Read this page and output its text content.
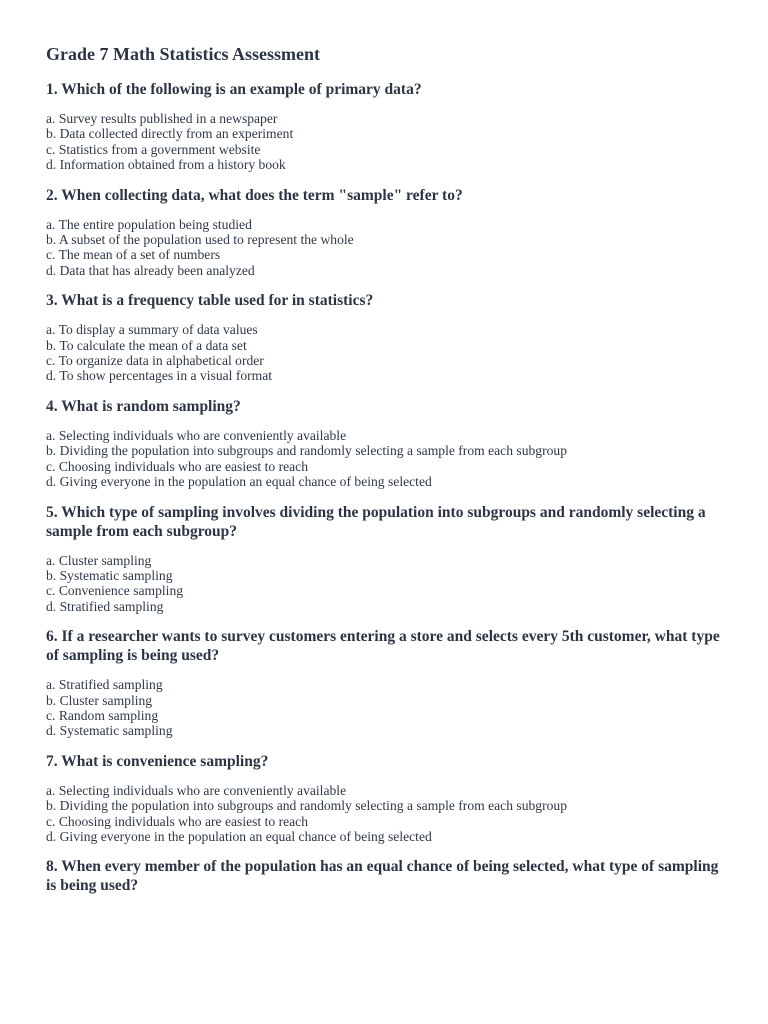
Grade 7 Math Statistics Assessment
1. Which of the following is an example of primary data?
a. Survey results published in a newspaper
b. Data collected directly from an experiment
c. Statistics from a government website
d. Information obtained from a history book
2. When collecting data, what does the term "sample" refer to?
a. The entire population being studied
b. A subset of the population used to represent the whole
c. The mean of a set of numbers
d. Data that has already been analyzed
3. What is a frequency table used for in statistics?
a. To display a summary of data values
b. To calculate the mean of a data set
c. To organize data in alphabetical order
d. To show percentages in a visual format
4. What is random sampling?
a. Selecting individuals who are conveniently available
b. Dividing the population into subgroups and randomly selecting a sample from each subgroup
c. Choosing individuals who are easiest to reach
d. Giving everyone in the population an equal chance of being selected
5. Which type of sampling involves dividing the population into subgroups and randomly selecting a sample from each subgroup?
a. Cluster sampling
b. Systematic sampling
c. Convenience sampling
d. Stratified sampling
6. If a researcher wants to survey customers entering a store and selects every 5th customer, what type of sampling is being used?
a. Stratified sampling
b. Cluster sampling
c. Random sampling
d. Systematic sampling
7. What is convenience sampling?
a. Selecting individuals who are conveniently available
b. Dividing the population into subgroups and randomly selecting a sample from each subgroup
c. Choosing individuals who are easiest to reach
d. Giving everyone in the population an equal chance of being selected
8. When every member of the population has an equal chance of being selected, what type of sampling is being used?
